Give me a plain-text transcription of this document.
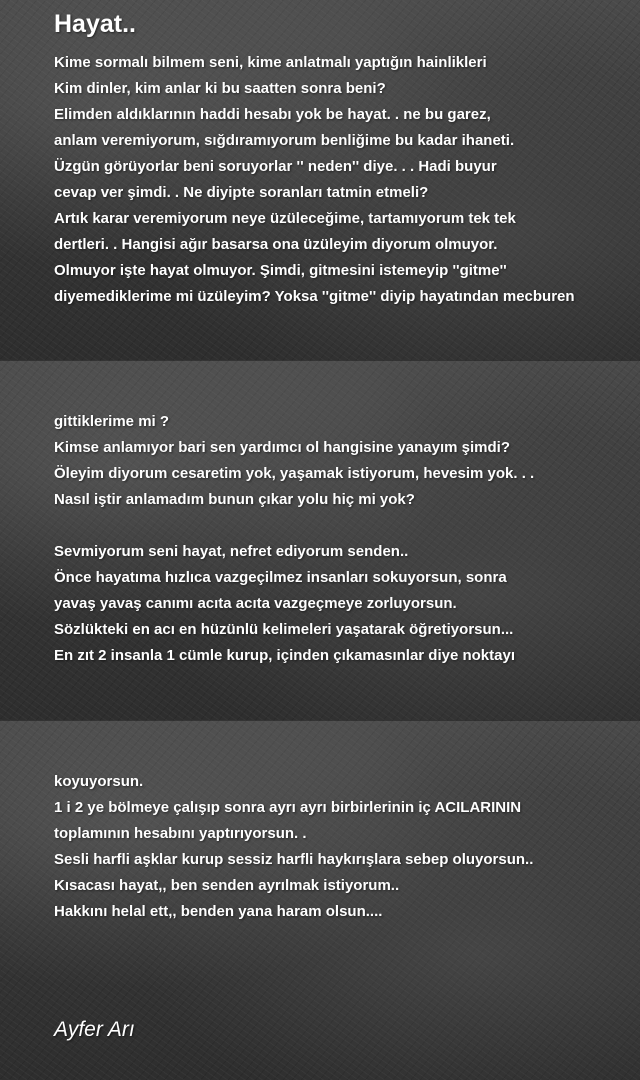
Hayat..
Kime sormalı bilmem seni, kime anlatmalı yaptığın hainlikleri
Kim dinler, kim anlar ki bu saatten sonra beni?
Elimden aldıklarının haddi hesabı yok be hayat. . ne bu garez,
anlam veremiyorum, sığdıramıyorum benliğime bu kadar ihaneti.
Üzgün görüyorlar beni soruyorlar '' neden'' diye. . . Hadi buyur
cevap ver şimdi. . Ne diyipte soranları tatmin etmeli?
Artık karar veremiyorum neye üzüleceğime, tartamıyorum tek tek
dertleri. . Hangisi ağır basarsa ona üzüleyim diyorum olmuyor.
Olmuyor işte hayat olmuyor. Şimdi, gitmesini istemeyip ''gitme''
diyemediklerime mi üzüleyim? Yoksa ''gitme'' diyip hayatından mecburen
gittiklerime mi ?
Kimse anlamıyor bari sen yardımcı ol hangisine yanayım şimdi?
Öleyim diyorum cesaretim yok, yaşamak istiyorum, hevesim yok. . .
Nasıl iştir anlamadım bunun çıkar yolu hiç mi yok?
Sevmiyorum seni hayat, nefret ediyorum senden..
Önce hayatıma hızlıca vazgeçilmez insanları sokuyorsun, sonra
yavaş yavaş canımı acıta acıta vazgeçmeye zorluyorsun.
Sözlükteki en acı en hüzünlü kelimeleri yaşatarak öğretiyorsun...
En zıt 2 insanla 1 cümle kurup, içinden çıkamasınlar diye noktayı
koyuyorsun.
1 i 2 ye bölmeye çalışıp sonra ayrı ayrı birbirlerinin iç ACILARININ
toplamının hesabını yaptırıyorsun. .
Sesli harfli aşklar kurup sessiz harfli haykırışlara sebep oluyorsun..
Kısacası hayat,, ben senden ayrılmak istiyorum..
Hakkını helal ett,, benden yana haram olsun....
Ayfer Arı
